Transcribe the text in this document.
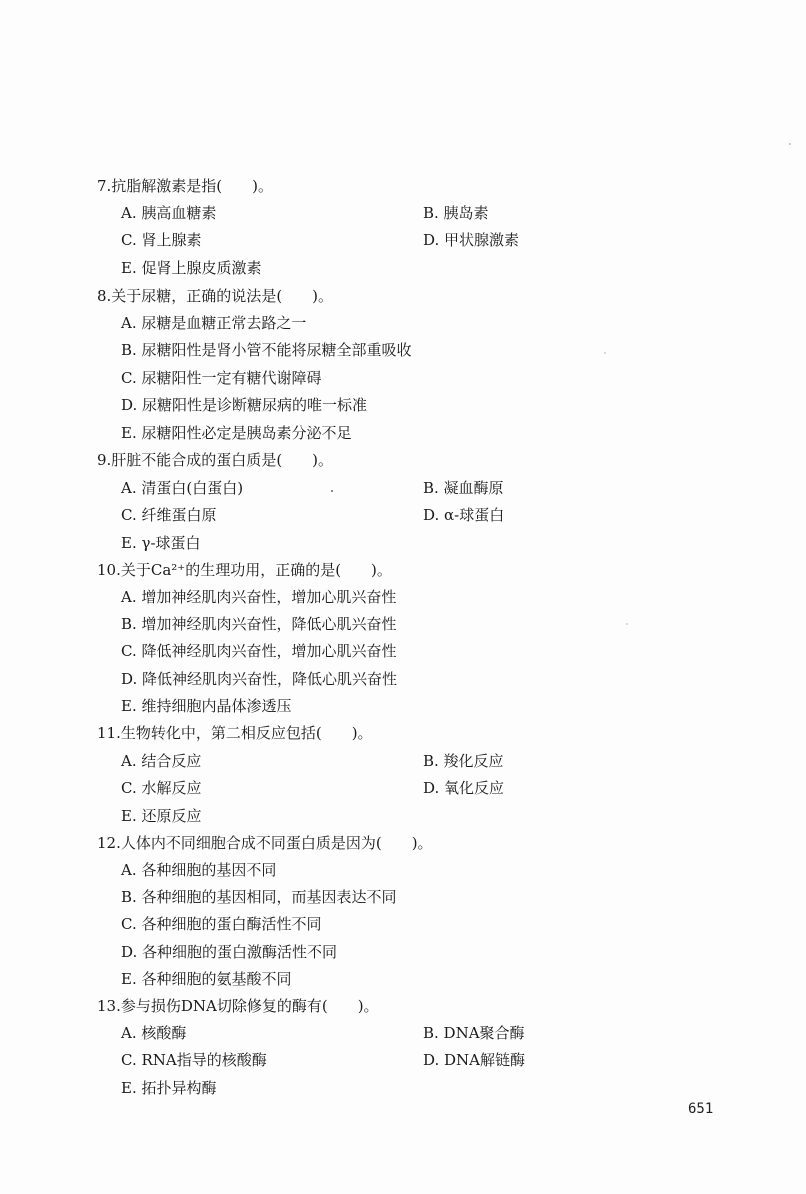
7.抗脂解激素是指(　　)。
A. 胰高血糖素	B. 胰岛素
C. 肾上腺素	D. 甲状腺激素
E. 促肾上腺皮质激素
8.关于尿糖，正确的说法是(　　)。
A. 尿糖是血糖正常去路之一
B. 尿糖阳性是肾小管不能将尿糖全部重吸收
C. 尿糖阳性一定有糖代谢障碍
D. 尿糖阳性是诊断糖尿病的唯一标准
E. 尿糖阳性必定是胰岛素分泌不足
9.肝脏不能合成的蛋白质是(　　)。
A. 清蛋白(白蛋白)	B. 凝血酶原
C. 纤维蛋白原	D. α-球蛋白
E. γ-球蛋白
10.关于Ca²⁺的生理功用，正确的是(　　)。
A. 增加神经肌肉兴奋性，增加心肌兴奋性
B. 增加神经肌肉兴奋性，降低心肌兴奋性
C. 降低神经肌肉兴奋性，增加心肌兴奋性
D. 降低神经肌肉兴奋性，降低心肌兴奋性
E. 维持细胞内晶体渗透压
11.生物转化中，第二相反应包括(　　)。
A. 结合反应	B. 羧化反应
C. 水解反应	D. 氧化反应
E. 还原反应
12.人体内不同细胞合成不同蛋白质是因为(　　)。
A. 各种细胞的基因不同
B. 各种细胞的基因相同，而基因表达不同
C. 各种细胞的蛋白酶活性不同
D. 各种细胞的蛋白激酶活性不同
E. 各种细胞的氨基酸不同
13.参与损伤DNA切除修复的酶有(　　)。
A. 核酸酶	B. DNA聚合酶
C. RNA指导的核酸酶	D. DNA解链酶
E. 拓扑异构酶
651
